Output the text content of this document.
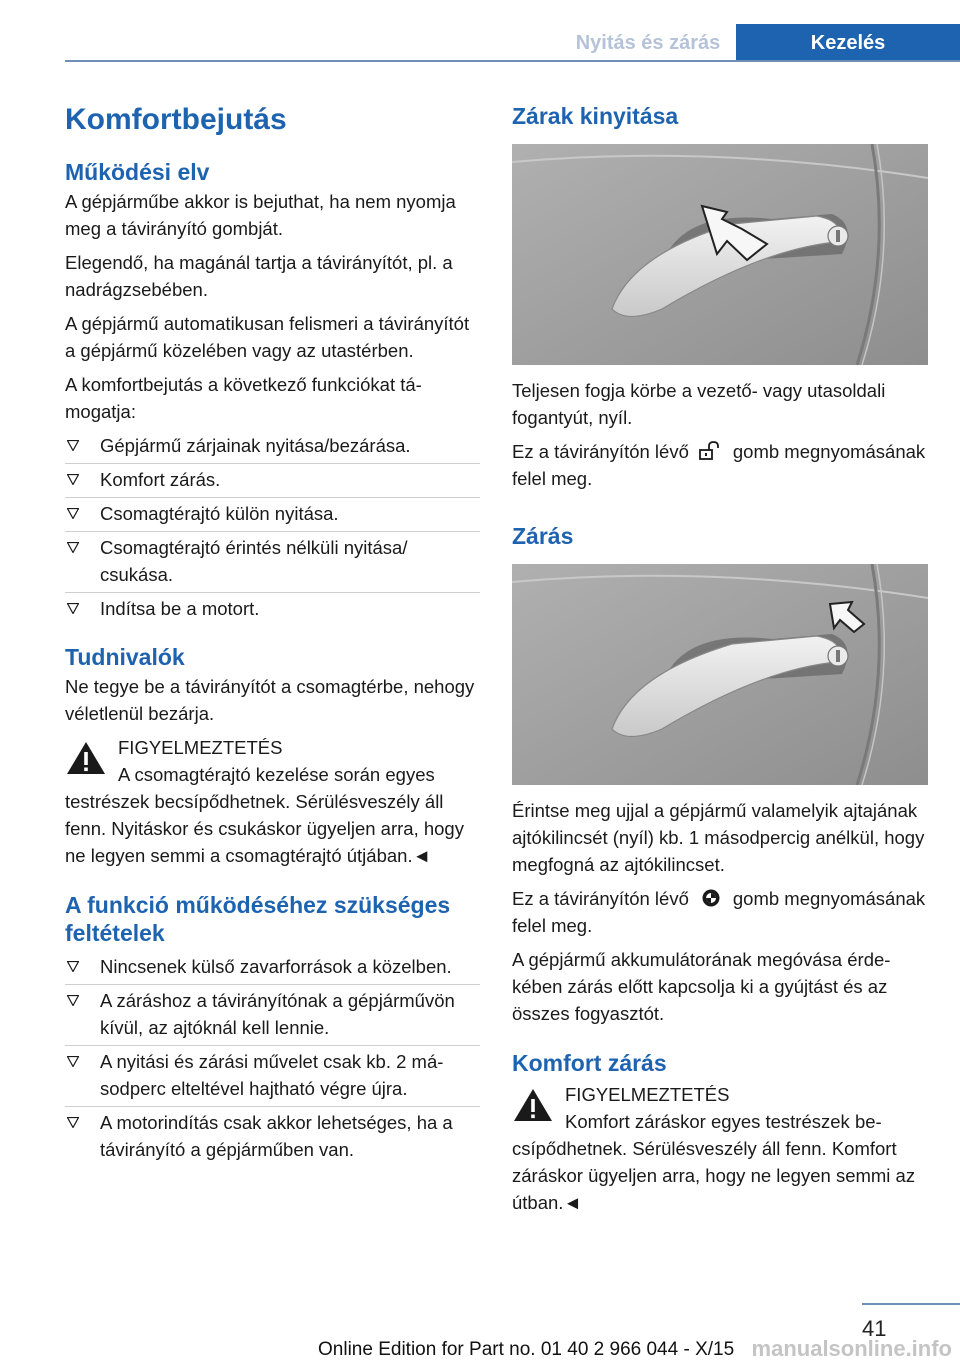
Nyitás és zárás	Kezelés
Komfortbejutás
Működési elv

A gépjárműbe akkor is bejuthat, ha nem nyomja meg a távirányító gombját.

Elegendő, ha magánál tartja a távirányítót, pl. a nadrágzsebében.

A gépjármű automatikusan felismeri a távirányítót a gépjármű közelében vagy az utastérben.

A komfortbejutás a következő funkciókat támogatja:

Gépjármű zárjainak nyitása/bezárása.
Komfort zárás.
Csomagtérajtó külön nyitása.
Csomagtérajtó érintés nélküli nyitása/ csukása.
Indítsa be a motort.
Tudnivalók

Ne tegye be a távirányítót a csomagtérbe, nehogy véletlenül bezárja.

FIGYELMEZTETÉS
A csomagtérajtó kezelése során egyes testrészek becsípődhetnek. Sérülésveszély áll fenn. Nyitáskor és csukáskor ügyeljen arra, hogy ne legyen semmi a csomagtérajtó útjában.◄
A funkció működéséhez szükséges feltételek
Nincsenek külső zavarforrások a közelben.
A záráshoz a távirányítónak a gépjárművön kívül, az ajtóknál kell lennie.
A nyitási és zárási művelet csak kb. 2 másodperc elteltével hajtható végre újra.
A motorindítás csak akkor lehetséges, ha a távirányító a gépjárműben van.
Zárak kinyitása

Teljesen fogja körbe a vezető- vagy utasoldali fogantyút, nyíl.

Ez a távirányítón lévő gomb megnyomásának felel meg.

Zárás

Érintse meg ujjal a gépjármű valamelyik ajtajának ajtókilincsét (nyíl) kb. 1 másodpercig anélkül, hogy megfogná az ajtókilincset.

Ez a távirányítón lévő gomb megnyomásának felel meg.

A gépjármű akkumulátorának megóvása érdekében zárás előtt kapcsolja ki a gyújtást és az összes fogyasztót.

Komfort zárás
FIGYELMEZTETÉS
Komfort záráskor egyes testrészek becsípődhetnek. Sérülésveszély áll fenn. Komfort záráskor ügyeljen arra, hogy ne legyen semmi az útban.◄
41
Online Edition for Part no. 01 40 2 966 044 - X/15 manualsonline.info
